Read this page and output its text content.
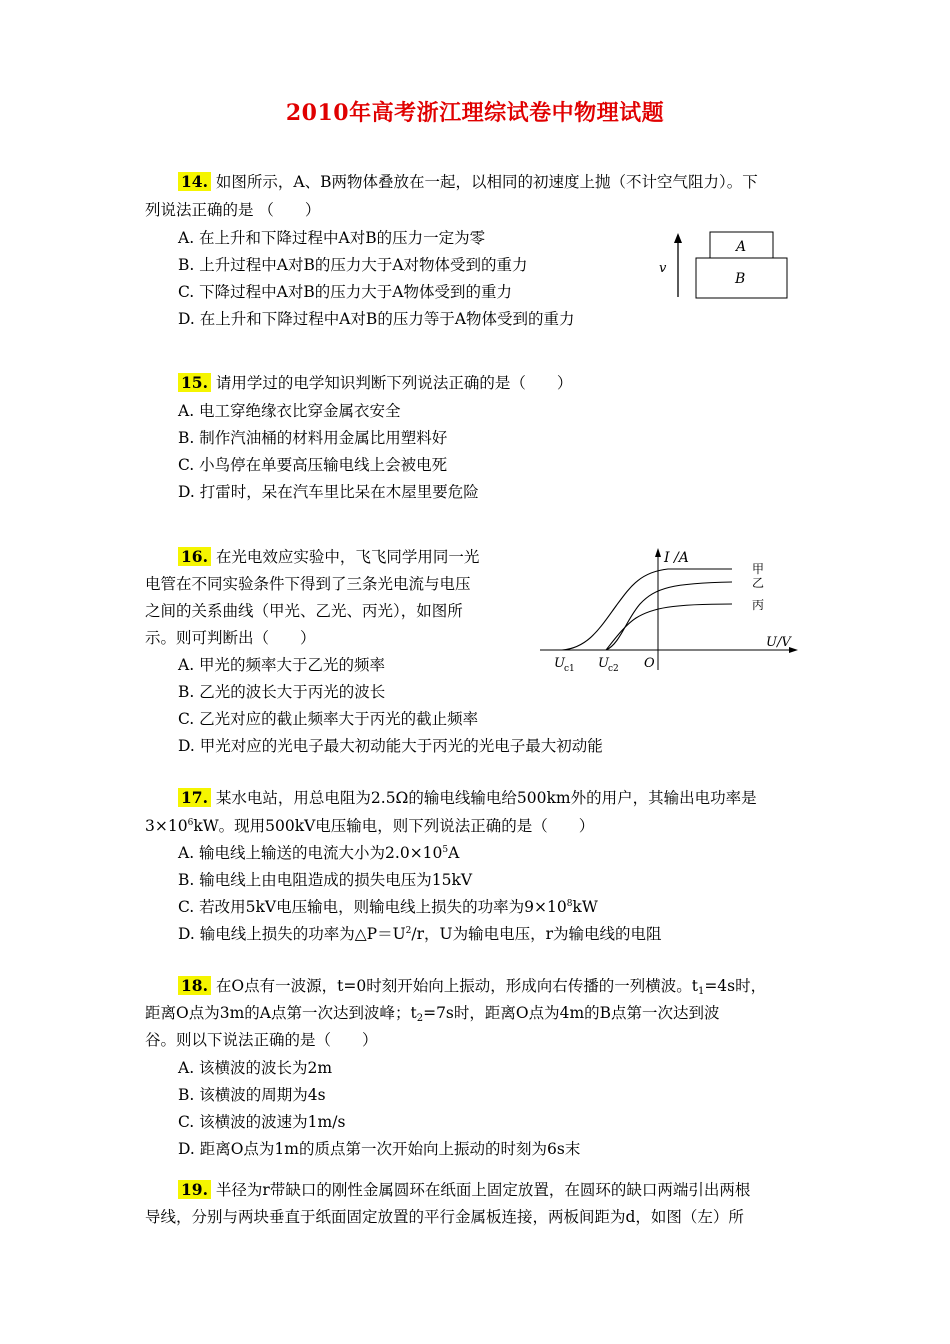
2010年高考浙江理综试卷中物理试题
14. 如图所示，A、B两物体叠放在一起，以相同的初速度上抛（不计空气阻力）。下
列说法正确的是 （　　）
A. 在上升和下降过程中A对B的压力一定为零
B. 上升过程中A对B的压力大于A对物体受到的重力
C. 下降过程中A对B的压力大于A物体受到的重力
D. 在上升和下降过程中A对B的压力等于A物体受到的重力
v
A
B
15. 请用学过的电学知识判断下列说法正确的是（　　）
A. 电工穿绝缘衣比穿金属衣安全
B. 制作汽油桶的材料用金属比用塑料好
C. 小鸟停在单要高压输电线上会被电死
D. 打雷时，呆在汽车里比呆在木屋里要危险
16. 在光电效应实验中，飞飞同学用同一光
电管在不同实验条件下得到了三条光电流与电压
之间的关系曲线（甲光、乙光、丙光），如图所
示。则可判断出（　　）
A. 甲光的频率大于乙光的频率
B. 乙光的波长大于丙光的波长
C. 乙光对应的截止频率大于丙光的截止频率
D. 甲光对应的光电子最大初动能大于丙光的光电子最大初动能
I /A
U/V
O
U c1 U c2
甲
乙
丙
17. 某水电站，用总电阻为2.5Ω的输电线输电给500km外的用户，其输出电功率是
$3\times 10^6kW$。现用500kV电压输电，则下列说法正确的是（　　）
A. 输电线上输送的电流大小为$2.0\times 10^5A$
B. 输电线上由电阻造成的损失电压为15kV
C. 若改用5kV电压输电，则输电线上损失的功率为$9\times 10^8kW$
D. 输电线上损失的功率为$\triangle P=U^2/r$，U为输电电压，r为输电线的电阻
18. 在O点有一波源，t=0时刻开始向上振动，形成向右传播的一列横波。$t_1=4s$时，
距离O点为3m的A点第一次达到波峰；$t_2=7s$时，距离O点为4m的B点第一次达到波
谷。则以下说法正确的是（　　）
A. 该横波的波长为2m
B. 该横波的周期为4s
C. 该横波的波速为1m/s
D. 距离O点为1m的质点第一次开始向上振动的时刻为6s末
19. 半径为r带缺口的刚性金属圆环在纸面上固定放置，在圆环的缺口两端引出两根
导线，分别与两块垂直于纸面固定放置的平行金属板连接，两板间距为d，如图（左）所
